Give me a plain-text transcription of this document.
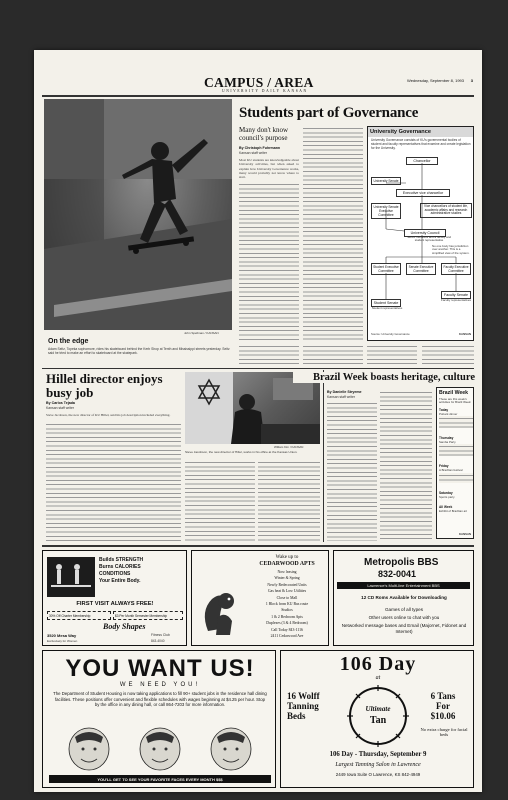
Wednesday, September 8, 1993 3
CAMPUS / AREA
UNIVERSITY DAILY KANSAN
John Spellman / KANSAN
On the edge
Adam Seitz, Topeka sophomore, rides his skateboard behind the Kerb Shop at Tenth and Mississippi streets yesterday. Seitz said he tried to make an effort to skateboard at the skatepark.
Students part of Governance
Many don't know council's purpose
By Christoph Fuhrmann
Kansan staff writer
Most KU students are knowledgeable about University activities, but when asked to explain how University Governance works, many would probably not know where to start.
University Governance
University Governance consists of KU's governmental bodies of student and faculty representatives that examine and create legislation for the University.
Chancellor
Executive vice chancellor
University Senate Executive Committee
Vice chancellors of student life, academic affairs and research administrative studies
University Council
Senex members and a faculty and student representative
No one body has jurisdiction over another. This is a simplified view of the system.
Student Executive Committee
Senate Executive Committee
Faculty Executive Committee
Student Senate
Student representatives
Faculty Senate
Faculty representatives
University Senate
Source: University Governance	KANSAN
Hillel director enjoys busy job
By Carlos Tejada
Kansan staff writer
Steve Jacobson, the new director of KU Hillel, said his job description included everything.
William Kim / KANSAN
Steve Jacobson, the new director of Hillel, works in his office at the Kansas Union.
Brazil Week boasts heritage, culture
By Danielle Stryeme
Kansan staff writer
Brazil Week
These are this week's activities for Brazil Week:
Today
Potluck dinner
Thursday
Samba Party
Friday
A Brazilian festival
Saturday
Sports party
All Week
Exhibit of Brazilian art
KANSAN
Builds STRENGTH
Burns CALORIES
CONDITIONS
Your Entire Body.
FIRST VISIT ALWAYS FREE!
30% Off Charter Membership	$3 Per Month Semester Membership
Body Shapes
3520 Mesa Way
Exclusively for Women
Fitness Club
843-4040
Wake up to
CEDARWOOD APTS
Now leasing
Winter & Spring
Newly Redecorated Units
Gas heat & Low Utilities
Close to Mall
1 Block from KU Bus route
Studios
1 & 2 Bedroom Apts
Duplexes (3 & 4 Bedroom)
Call Today 843-1116
2411 Cedarwood Ave
Metropolis BBS
832-0041
Lawrence's Multi-line Entertainment BBS
12 CD Roms Available for Downloading
Games of all types
Other users online to chat with you
Networked message bases and Email (Majornet, Fidonet and Internet)
YOU WANT US!
WE NEED YOU!
The Department of Student Housing is now taking applications to fill 90+ student jobs in the residence hall dining facilities. These positions offer convenient and flexible schedules with wages beginning at $4.25 per hour. Stop by the office in any dining hall, or call 864-7203 for more information.
YOU'LL GET TO SEE YOUR FAVORITE FACES EVERY MONTH $$$
106 Day
at
16 Wolff
Tanning
Beds
Ultimate
Tan
6 Tans
For
$10.06
No extra charge for facial beds
106 Day - Thursday, September 9
Largest Tanning Salon in Lawrence
2449 Iowa Suite O Lawrence, KS 842-4949
